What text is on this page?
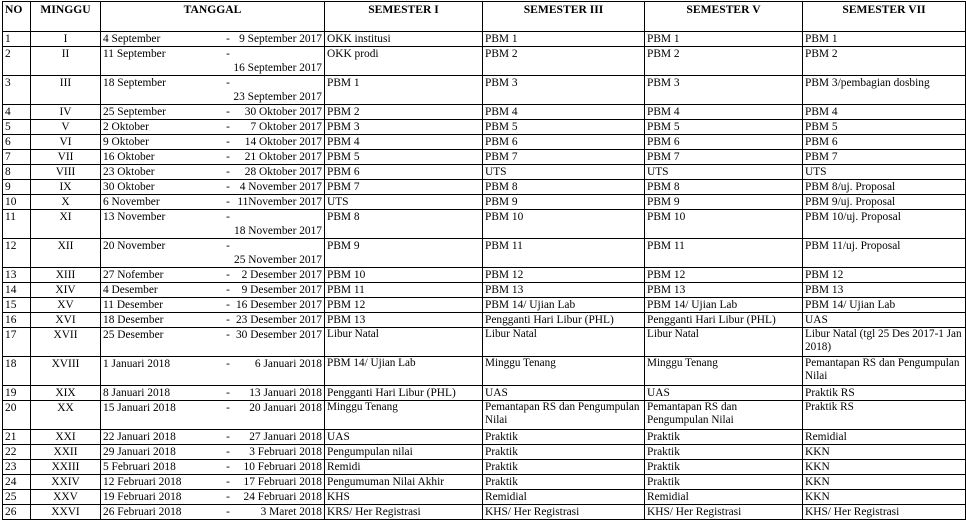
NO	MINGGU	TANGGAL	SEMESTER I	SEMESTER III	SEMESTER V	SEMESTER VII
1	I	4 September - 9 September 2017	OKK institusi	PBM 1	PBM 1	PBM 1
2	II	11 September -
16 September 2017	OKK prodi	PBM 2	PBM 2	PBM 2
3	III	18 September -
23 September 2017	PBM 1	PBM 3	PBM 3	PBM 3/pembagian dosbing
4	IV	25 September - 30 Oktober 2017	PBM 2	PBM 4	PBM 4	PBM 4
5	V	2 Oktober - 7 Oktober 2017	PBM 3	PBM 5	PBM 5	PBM 5
6	VI	9 Oktober - 14 Oktober 2017	PBM 4	PBM 6	PBM 6	PBM 6
7	VII	16 Oktober - 21 Oktober 2017	PBM 5	PBM 7	PBM 7	PBM 7
8	VIII	23 Oktober - 28 Oktober 2017	PBM 6	UTS	UTS	UTS
9	IX	30 Oktober - 4 November 2017	PBM 7	PBM 8	PBM 8	PBM 8/uj. Proposal
10	X	6 November - 11November 2017	UTS	PBM 9	PBM 9	PBM 9/uj. Proposal
11	XI	13 November -
18 November 2017	PBM 8	PBM 10	PBM 10	PBM 10/uj. Proposal
12	XII	20 November -
25 November 2017	PBM 9	PBM 11	PBM 11	PBM 11/uj. Proposal
13	XIII	27 Nofember - 2 Desember 2017	PBM 10	PBM 12	PBM 12	PBM 12
14	XIV	4 Desember - 9 Desember 2017	PBM 11	PBM 13	PBM 13	PBM 13
15	XV	11 Desember - 16 Desember 2017	PBM 12	PBM 14/ Ujian Lab	PBM 14/ Ujian Lab	PBM 14/ Ujian Lab
16	XVI	18 Desember - 23 Desember 2017	PBM 13	Pengganti Hari Libur (PHL)	Pengganti Hari Libur (PHL)	UAS
17	XVII	25 Desember - 30 Desember 2017	Libur Natal	Libur Natal	Libur Natal	Libur Natal (tgl 25 Des 2017-1 Jan 2018)
18	XVIII	1 Januari 2018 - 6 Januari 2018	PBM 14/ Ujian Lab	Minggu Tenang	Minggu Tenang	Pemantapan RS dan Pengumpulan Nilai
19	XIX	8 Januari 2018 - 13 Januari 2018	Pengganti Hari Libur (PHL)	UAS	UAS	Praktik RS
20	XX	15 Januari 2018 - 20 Januari 2018	Minggu Tenang	Pemantapan RS dan Pengumpulan Nilai	Pemantapan RS dan Pengumpulan Nilai	Praktik RS
21	XXI	22 Januari 2018 - 27 Januari 2018	UAS	Praktik	Praktik	Remidial
22	XXII	29 Januari 2018 - 3 Februari 2018	Pengumpulan nilai	Praktik	Praktik	KKN
23	XXIII	5 Februari 2018 - 10 Februari 2018	Remidi	Praktik	Praktik	KKN
24	XXIV	12 Februari 2018 - 17 Februari 2018	Pengumuman Nilai Akhir	Praktik	Praktik	KKN
25	XXV	19 Februari 2018 - 24 Februari 2018	KHS	Remidial	Remidial	KKN
26	XXVI	26 Februari 2018 - 3 Maret 2018	KRS/ Her Registrasi	KHS/ Her Registrasi	KHS/ Her Registrasi	KHS/ Her Registrasi
